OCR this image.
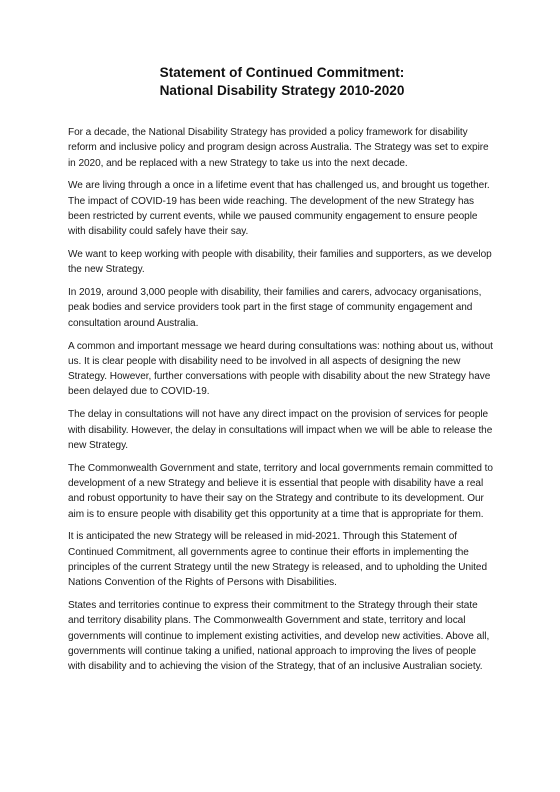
Statement of Continued Commitment:
National Disability Strategy 2010-2020

For a decade, the National Disability Strategy has provided a policy framework for disability reform and inclusive policy and program design across Australia. The Strategy was set to expire in 2020, and be replaced with a new Strategy to take us into the next decade.

We are living through a once in a lifetime event that has challenged us, and brought us together. The impact of COVID-19 has been wide reaching. The development of the new Strategy has been restricted by current events, while we paused community engagement to ensure people with disability could safely have their say.

We want to keep working with people with disability, their families and supporters, as we develop the new Strategy.

In 2019, around 3,000 people with disability, their families and carers, advocacy organisations, peak bodies and service providers took part in the first stage of community engagement and consultation around Australia.

A common and important message we heard during consultations was: nothing about us, without us. It is clear people with disability need to be involved in all aspects of designing the new Strategy. However, further conversations with people with disability about the new Strategy have been delayed due to COVID-19.

The delay in consultations will not have any direct impact on the provision of services for people with disability. However, the delay in consultations will impact when we will be able to release the new Strategy.

The Commonwealth Government and state, territory and local governments remain committed to development of a new Strategy and believe it is essential that people with disability have a real and robust opportunity to have their say on the Strategy and contribute to its development. Our aim is to ensure people with disability get this opportunity at a time that is appropriate for them.

It is anticipated the new Strategy will be released in mid-2021. Through this Statement of Continued Commitment, all governments agree to continue their efforts in implementing the principles of the current Strategy until the new Strategy is released, and to upholding the United Nations Convention of the Rights of Persons with Disabilities.

States and territories continue to express their commitment to the Strategy through their state and territory disability plans. The Commonwealth Government and state, territory and local governments will continue to implement existing activities, and develop new activities. Above all, governments will continue taking a unified, national approach to improving the lives of people with disability and to achieving the vision of the Strategy, that of an inclusive Australian society.
